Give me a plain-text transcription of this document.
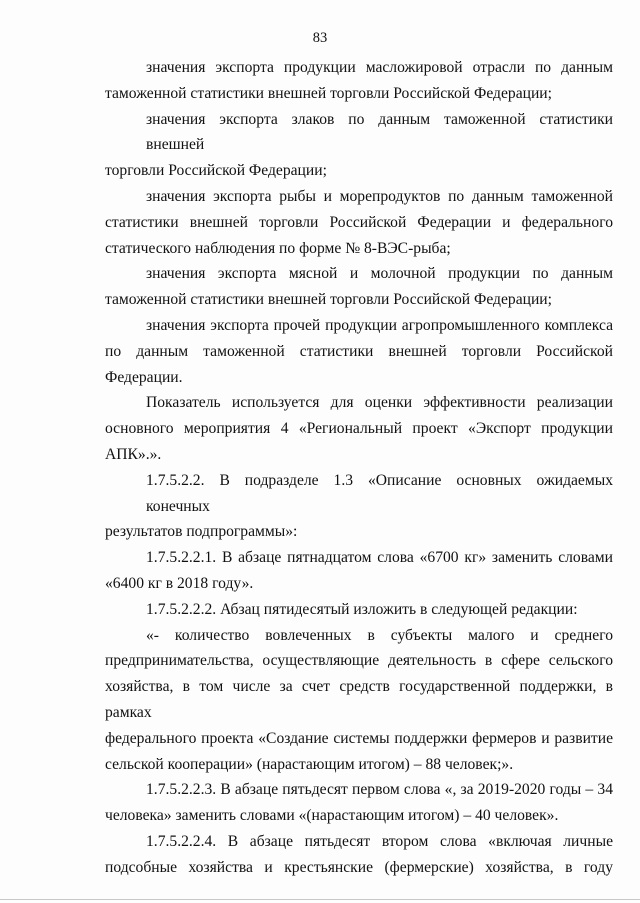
83
значения экспорта продукции масложировой отрасли по данным
таможенной статистики внешней торговли Российской Федерации;
значения экспорта злаков по данным таможенной статистики внешней
торговли Российской Федерации;
значения экспорта рыбы и морепродуктов по данным таможенной
статистики внешней торговли Российской Федерации и федерального
статического наблюдения по форме № 8-ВЭС-рыба;
значения экспорта мясной и молочной продукции по данным
таможенной статистики внешней торговли Российской Федерации;
значения экспорта прочей продукции агропромышленного комплекса
по данным таможенной статистики внешней торговли Российской
Федерации.
Показатель используется для оценки эффективности реализации
основного мероприятия 4 «Региональный проект «Экспорт продукции
АПК».».
1.7.5.2.2. В подразделе 1.3 «Описание основных ожидаемых конечных
результатов подпрограммы»:
1.7.5.2.2.1. В абзаце пятнадцатом слова «6700 кг» заменить словами
«6400 кг в 2018 году».
1.7.5.2.2.2. Абзац пятидесятый изложить в следующей редакции:
«- количество вовлеченных в субъекты малого и среднего
предпринимательства, осуществляющие деятельность в сфере сельского
хозяйства, в том числе за счет средств государственной поддержки, в рамках
федерального проекта «Создание системы поддержки фермеров и развитие
сельской кооперации» (нарастающим итогом) – 88 человек;».
1.7.5.2.2.3. В абзаце пятьдесят первом слова «, за 2019-2020 годы – 34
человека» заменить словами «(нарастающим итогом) – 40 человек».
1.7.5.2.2.4. В абзаце пятьдесят втором слова «включая личные
подсобные хозяйства и крестьянские (фермерские) хозяйства, в году
